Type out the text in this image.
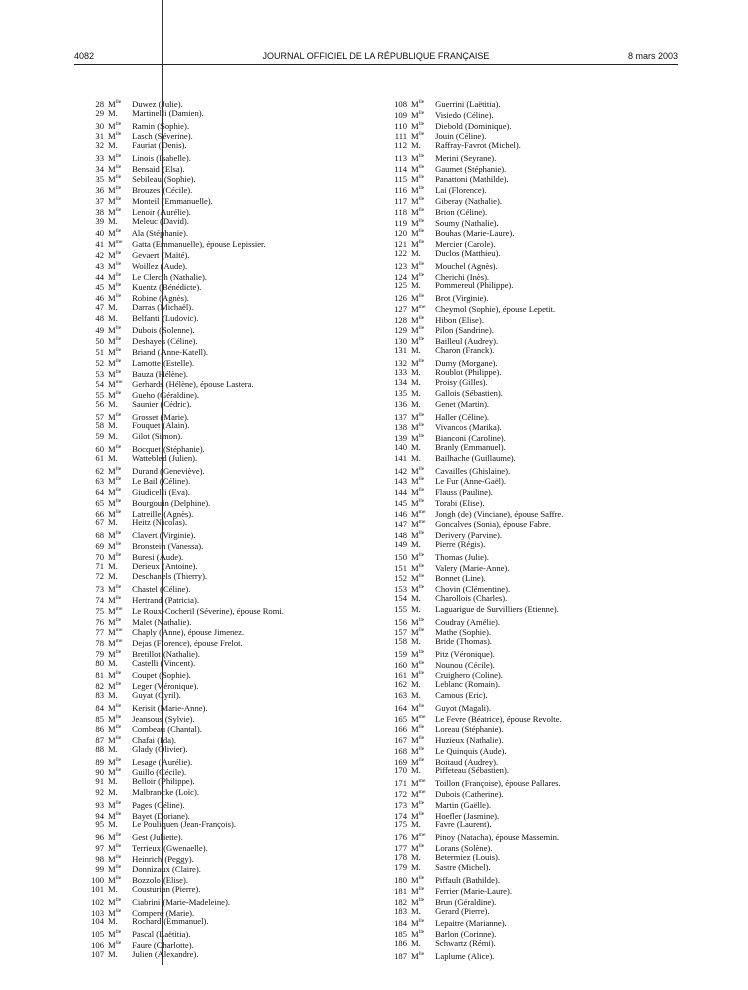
4082	JOURNAL OFFICIEL DE LA RÉPUBLIQUE FRANÇAISE	8 mars 2003
28 $M^{lle}$ Duwez (Julie).
29 M. Martinelli (Damien).
30 $M^{lle}$ Ramin (Sophie).
31 $M^{lle}$ Lasch (Séverine).
32 M. Fauriat (Denis).
33 $M^{lle}$ Linois (Isabelle).
34 $M^{lle}$ Bensaid (Elsa).
35 $M^{lle}$ Sebileau (Sophie).
36 $M^{lle}$ Brouzes (Cécile).
37 $M^{lle}$ Monteil (Emmanuelle).
38 $M^{lle}$ Lenoir (Aurélie).
39 M. Meleuc (David).
40 $M^{lle}$ Ala (Stéphanie).
41 $M^{me}$ Gatta (Emmanuelle), épouse Lepissier.
42 $M^{lle}$ Gevaert (Maïté).
43 $M^{lle}$ Woillez (Aude).
44 $M^{lle}$ Le Clerc'h (Nathalie).
45 $M^{lle}$ Kuentz (Bénédicte).
46 $M^{lle}$ Robine (Agnès).
47 M. Darras (Michaël).
48 M. Belfanti (Ludovic).
49 $M^{lle}$ Dubois (Solenne).
50 $M^{lle}$ Deshayes (Céline).
51 $M^{lle}$ Briand (Anne-Katell).
52 $M^{lle}$ Lamotte (Estelle).
53 $M^{lle}$ Bauza (Hélène).
54 $M^{me}$ Gerhards (Hélène), épouse Lastera.
55 $M^{lle}$ Gueho (Géraldine).
56 M. Saunier (Cédric).
57 $M^{lle}$ Grosset (Marie).
58 M. Fouquet (Alain).
59 M. Gilot (Simon).
60 $M^{lle}$ Bocquet (Stéphanie).
61 M. Wattebled (Julien).
62 $M^{lle}$ Durand (Geneviève).
63 $M^{lle}$ Le Bail (Céline).
64 $M^{lle}$ Giudicelli (Eva).
65 $M^{lle}$ Bourgouin (Delphine).
66 $M^{lle}$ Latreille (Agnès).
67 M. Heitz (Nicolas).
68 $M^{lle}$ Clavert (Virginie).
69 $M^{lle}$ Bronstein (Vanessa).
70 $M^{lle}$ Buresi (Aude).
71 M. Derieux (Antoine).
72 M. Deschanels (Thierry).
73 $M^{lle}$ Chastel (Céline).
74 $M^{lle}$ Hertrand (Patricia).
75 $M^{me}$ Le Roux-Cocheril (Séverine), épouse Romi.
76 $M^{lle}$ Malet (Nathalie).
77 $M^{me}$ Chaply (Anne), épouse Jimenez.
78 $M^{me}$ Dejas (Florence), épouse Frelot.
79 $M^{lle}$ Bretillot (Nathalie).
80 M. Castelli (Vincent).
81 $M^{lle}$ Coupet (Sophie).
82 $M^{lle}$ Leger (Véronique).
83 M. Guyat (Cyril).
84 $M^{lle}$ Kerisit (Marie-Anne).
85 $M^{lle}$ Jeansous (Sylvie).
86 $M^{lle}$ Combeau (Chantal).
87 $M^{lle}$ Chafai (Ida).
88 M. Glady (Olivier).
89 $M^{lle}$ Lesage (Aurélie).
90 $M^{lle}$ Guillo (Cécile).
91 M. Belloir (Philippe).
92 M. Malbrancke (Loïc).
93 $M^{lle}$ Pages (Céline).
94 $M^{lle}$ Bayet (Doriane).
95 M. Le Pouliquen (Jean-François).
96 $M^{lle}$ Gest (Juliette).
97 $M^{lle}$ Terrieux (Gwenaelle).
98 $M^{lle}$ Heinrich (Peggy).
99 $M^{lle}$ Donnizaux (Claire).
100 $M^{lle}$ Bozzolo (Elise).
101 M. Cousturian (Pierre).
102 $M^{lle}$ Ciabrini (Marie-Madeleine).
103 $M^{lle}$ Compere (Marie).
104 M. Rochard (Emmanuel).
105 $M^{lle}$ Pascal (Laëtitia).
106 $M^{lle}$ Faure (Charlotte).
107 M. Julien (Alexandre).
108 $M^{lle}$ Guerrini (Laëtitia).
109 $M^{lle}$ Visiedo (Céline).
110 $M^{lle}$ Diebold (Dominique).
111 $M^{lle}$ Jouin (Céline).
112 M. Raffray-Favrot (Michel).
113 $M^{lle}$ Merini (Seyrane).
114 $M^{lle}$ Gaumet (Stéphanie).
115 $M^{lle}$ Panattoni (Mathilde).
116 $M^{lle}$ Lai (Florence).
117 $M^{lle}$ Giberay (Nathalie).
118 $M^{lle}$ Brion (Céline).
119 $M^{lle}$ Soumy (Nathalie).
120 $M^{lle}$ Bouhas (Marie-Laure).
121 $M^{lle}$ Mercier (Carole).
122 M. Duclos (Matthieu).
123 $M^{lle}$ Mouchel (Agnès).
124 $M^{lle}$ Cherichi (Inès).
125 M. Pommereul (Philippe).
126 $M^{lle}$ Brot (Virginie).
127 $M^{me}$ Cheymol (Sophie), épouse Lepetit.
128 $M^{lle}$ Hibon (Elise).
129 $M^{lle}$ Pilon (Sandrine).
130 $M^{lle}$ Bailleul (Audrey).
131 M. Charon (Franck).
132 $M^{lle}$ Dumy (Morgane).
133 M. Roublot (Philippe).
134 M. Proisy (Gilles).
135 M. Gallois (Sébastien).
136 M. Genet (Martin).
137 $M^{lle}$ Haller (Céline).
138 $M^{lle}$ Vivancos (Marika).
139 $M^{lle}$ Bianconi (Caroline).
140 M. Branly (Emmanuel).
141 M. Bailhache (Guillaume).
142 $M^{lle}$ Cavailles (Ghislaine).
143 $M^{lle}$ Le Fur (Anne-Gaël).
144 $M^{lle}$ Flauss (Pauline).
145 $M^{lle}$ Torabi (Elise).
146 $M^{me}$ Jongh (de) (Vinciane), épouse Saffre.
147 $M^{me}$ Goncalves (Sonia), épouse Fabre.
148 $M^{lle}$ Derivery (Parvine).
149 M. Pierre (Régis).
150 $M^{lle}$ Thomas (Julie).
151 $M^{lle}$ Valery (Marie-Anne).
152 $M^{lle}$ Bonnet (Line).
153 $M^{lle}$ Chovin (Clémentine).
154 M. Charollois (Charles).
155 M. Laguarigue de Survilliers (Etienne).
156 $M^{lle}$ Coudray (Amélie).
157 $M^{lle}$ Mathe (Sophie).
158 M. Bride (Thomas).
159 $M^{lle}$ Pitz (Véronique).
160 $M^{lle}$ Nounou (Cécile).
161 $M^{lle}$ Cruighero (Coline).
162 M. Leblanc (Romain).
163 M. Camous (Eric).
164 $M^{lle}$ Guyot (Magali).
165 $M^{me}$ Le Fevre (Béatrice), épouse Revolte.
166 $M^{lle}$ Loreau (Stéphanie).
167 $M^{lle}$ Huzieux (Nathalie).
168 $M^{lle}$ Le Quinquis (Aude).
169 $M^{lle}$ Boitaud (Audrey).
170 M. Piffeteau (Sébastien).
171 $M^{me}$ Toillon (Françoise), épouse Pallares.
172 $M^{me}$ Dubois (Catherine).
173 $M^{lle}$ Martin (Gaëlle).
174 $M^{lle}$ Hoefler (Jasmine).
175 M. Favre (Laurent).
176 $M^{me}$ Pinoy (Natacha), épouse Massemin.
177 $M^{lle}$ Lorans (Solène).
178 M. Betermiez (Louis).
179 M. Sastre (Michel).
180 $M^{lle}$ Piffault (Bathilde).
181 $M^{lle}$ Ferrier (Marie-Laure).
182 $M^{lle}$ Brun (Géraldine).
183 M. Gerard (Pierre).
184 $M^{lle}$ Lepaitre (Marianne).
185 $M^{lle}$ Barlon (Corinne).
186 M. Schwartz (Rémi).
187 $M^{lle}$ Laplume (Alice).
